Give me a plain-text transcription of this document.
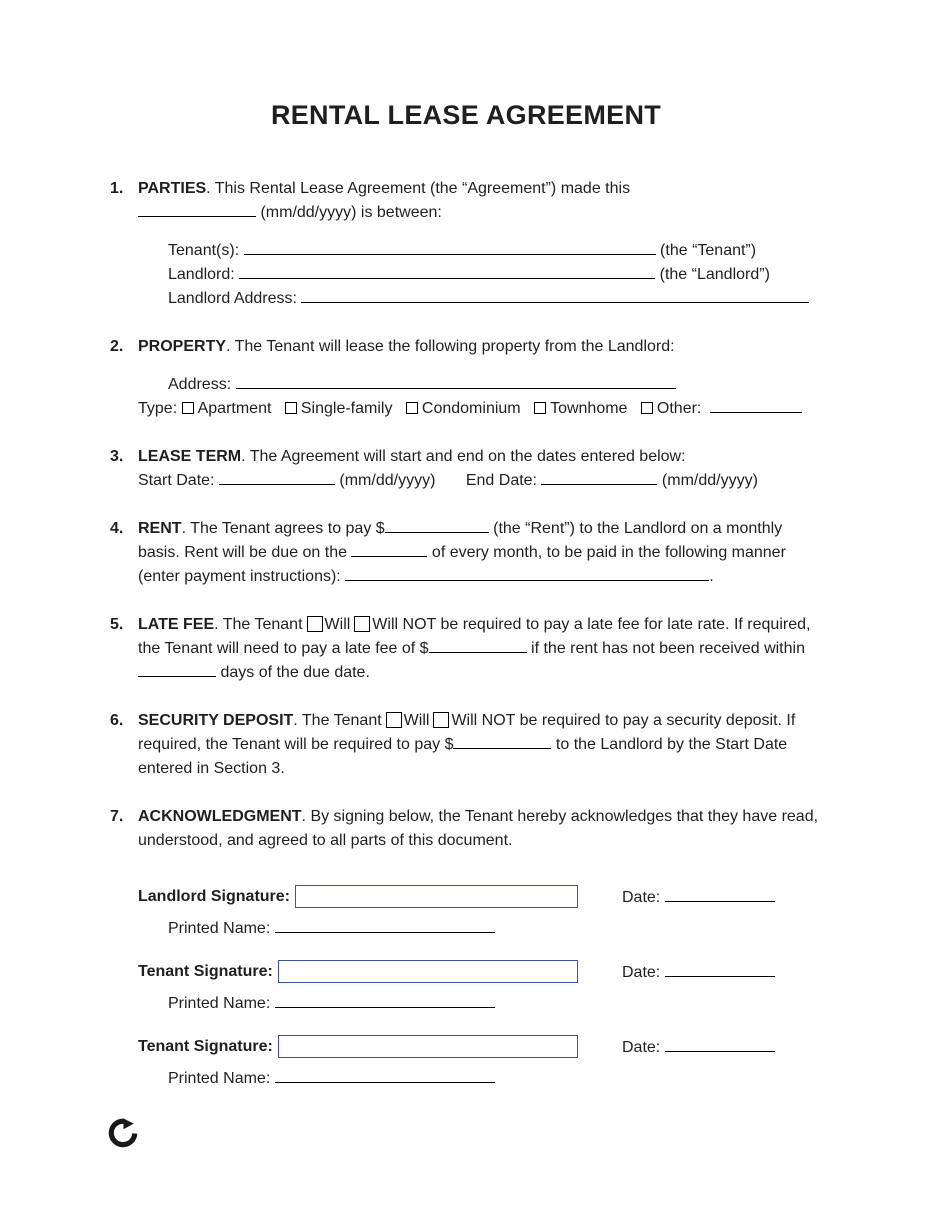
RENTAL LEASE AGREEMENT
1. PARTIES. This Rental Lease Agreement (the “Agreement”) made this

(mm/dd/yyyy) is between:

Tenant(s):	(the “Tenant”)

Landlord:	(the “Landlord”)

Landlord Address:

2. PROPERTY. The Tenant will lease the following property from the Landlord:

Address:

Type: Apartment Single-family Condominium Townhome Other:

3. LEASE TERM. The Agreement will start and end on the dates entered below:

Start Date:	(mm/dd/yyyy) End Date:	(mm/dd/yyyy)

4. RENT. The Tenant agrees to pay $	(the “Rent”) to the Landlord on a monthly basis. Rent will be due on the	of every month, to be paid in the following manner (enter payment instructions):	.

5. LATE FEE. The Tenant Will Will NOT be required to pay a late fee for late rate. If required, the Tenant will need to pay a late fee of $	if the rent has not been received within  days of the due date.

6. SECURITY DEPOSIT. The Tenant Will Will NOT be required to pay a security deposit. If required, the Tenant will be required to pay $	to the Landlord by the Start Date entered in Section 3.

7. ACKNOWLEDGMENT. By signing below, the Tenant hereby acknowledges that they have read, understood, and agreed to all parts of this document.

Landlord Signature:	Date:

Printed Name:

Tenant Signature:	Date:

Printed Name:

Tenant Signature:	Date:

Printed Name:
